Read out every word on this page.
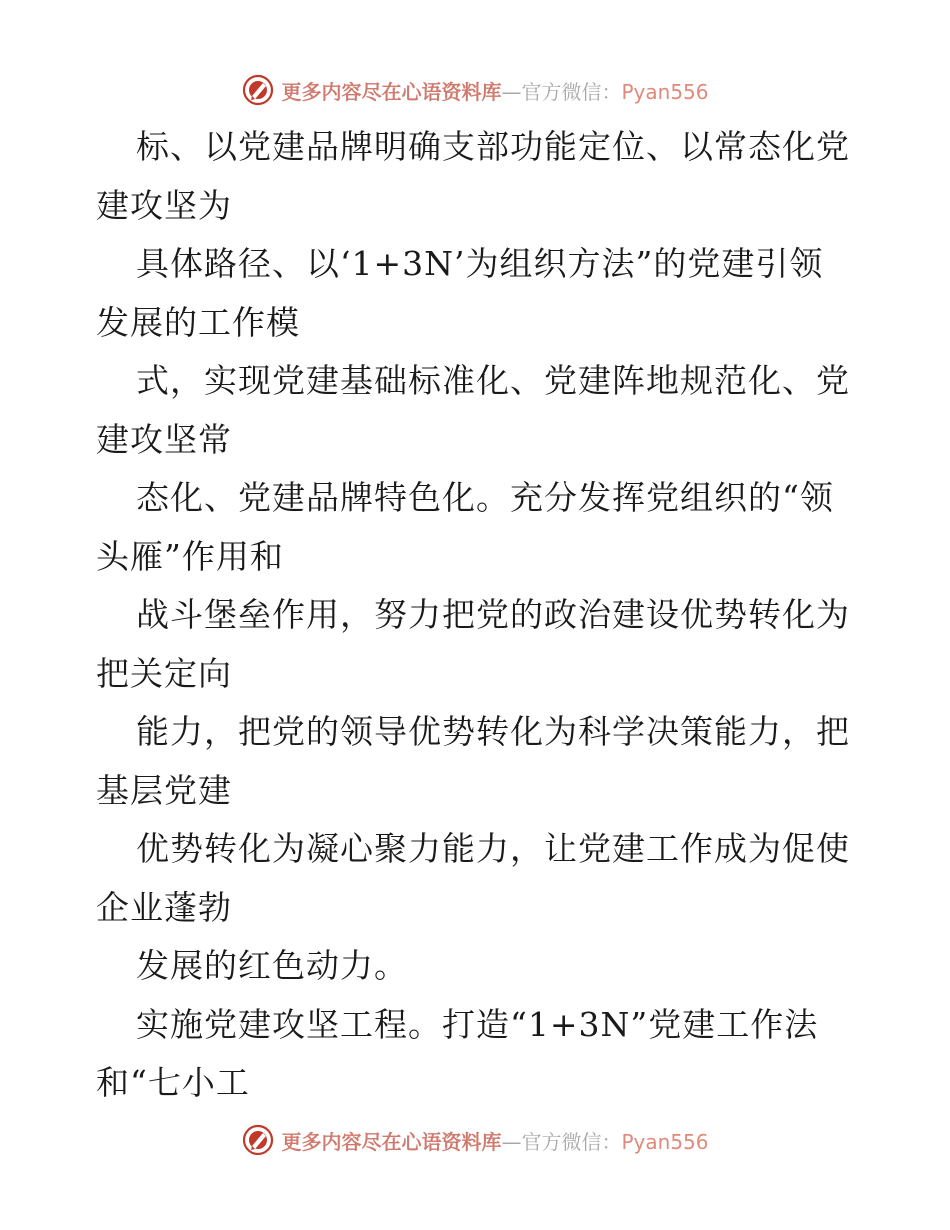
更多内容尽在心语资料库—官方微信：Pyan556
标、以党建品牌明确支部功能定位、以常态化党
建攻坚为
具体路径、以‘1+3N’为组织方法”的党建引领
发展的工作模
式，实现党建基础标准化、党建阵地规范化、党
建攻坚常
态化、党建品牌特色化。充分发挥党组织的“领
头雁”作用和
战斗堡垒作用，努力把党的政治建设优势转化为
把关定向
能力，把党的领导优势转化为科学决策能力，把
基层党建
优势转化为凝心聚力能力，让党建工作成为促使
企业蓬勃
发展的红色动力。
实施党建攻坚工程。打造“1+3N”党建工作法
和“七小工
更多内容尽在心语资料库—官方微信：Pyan556
